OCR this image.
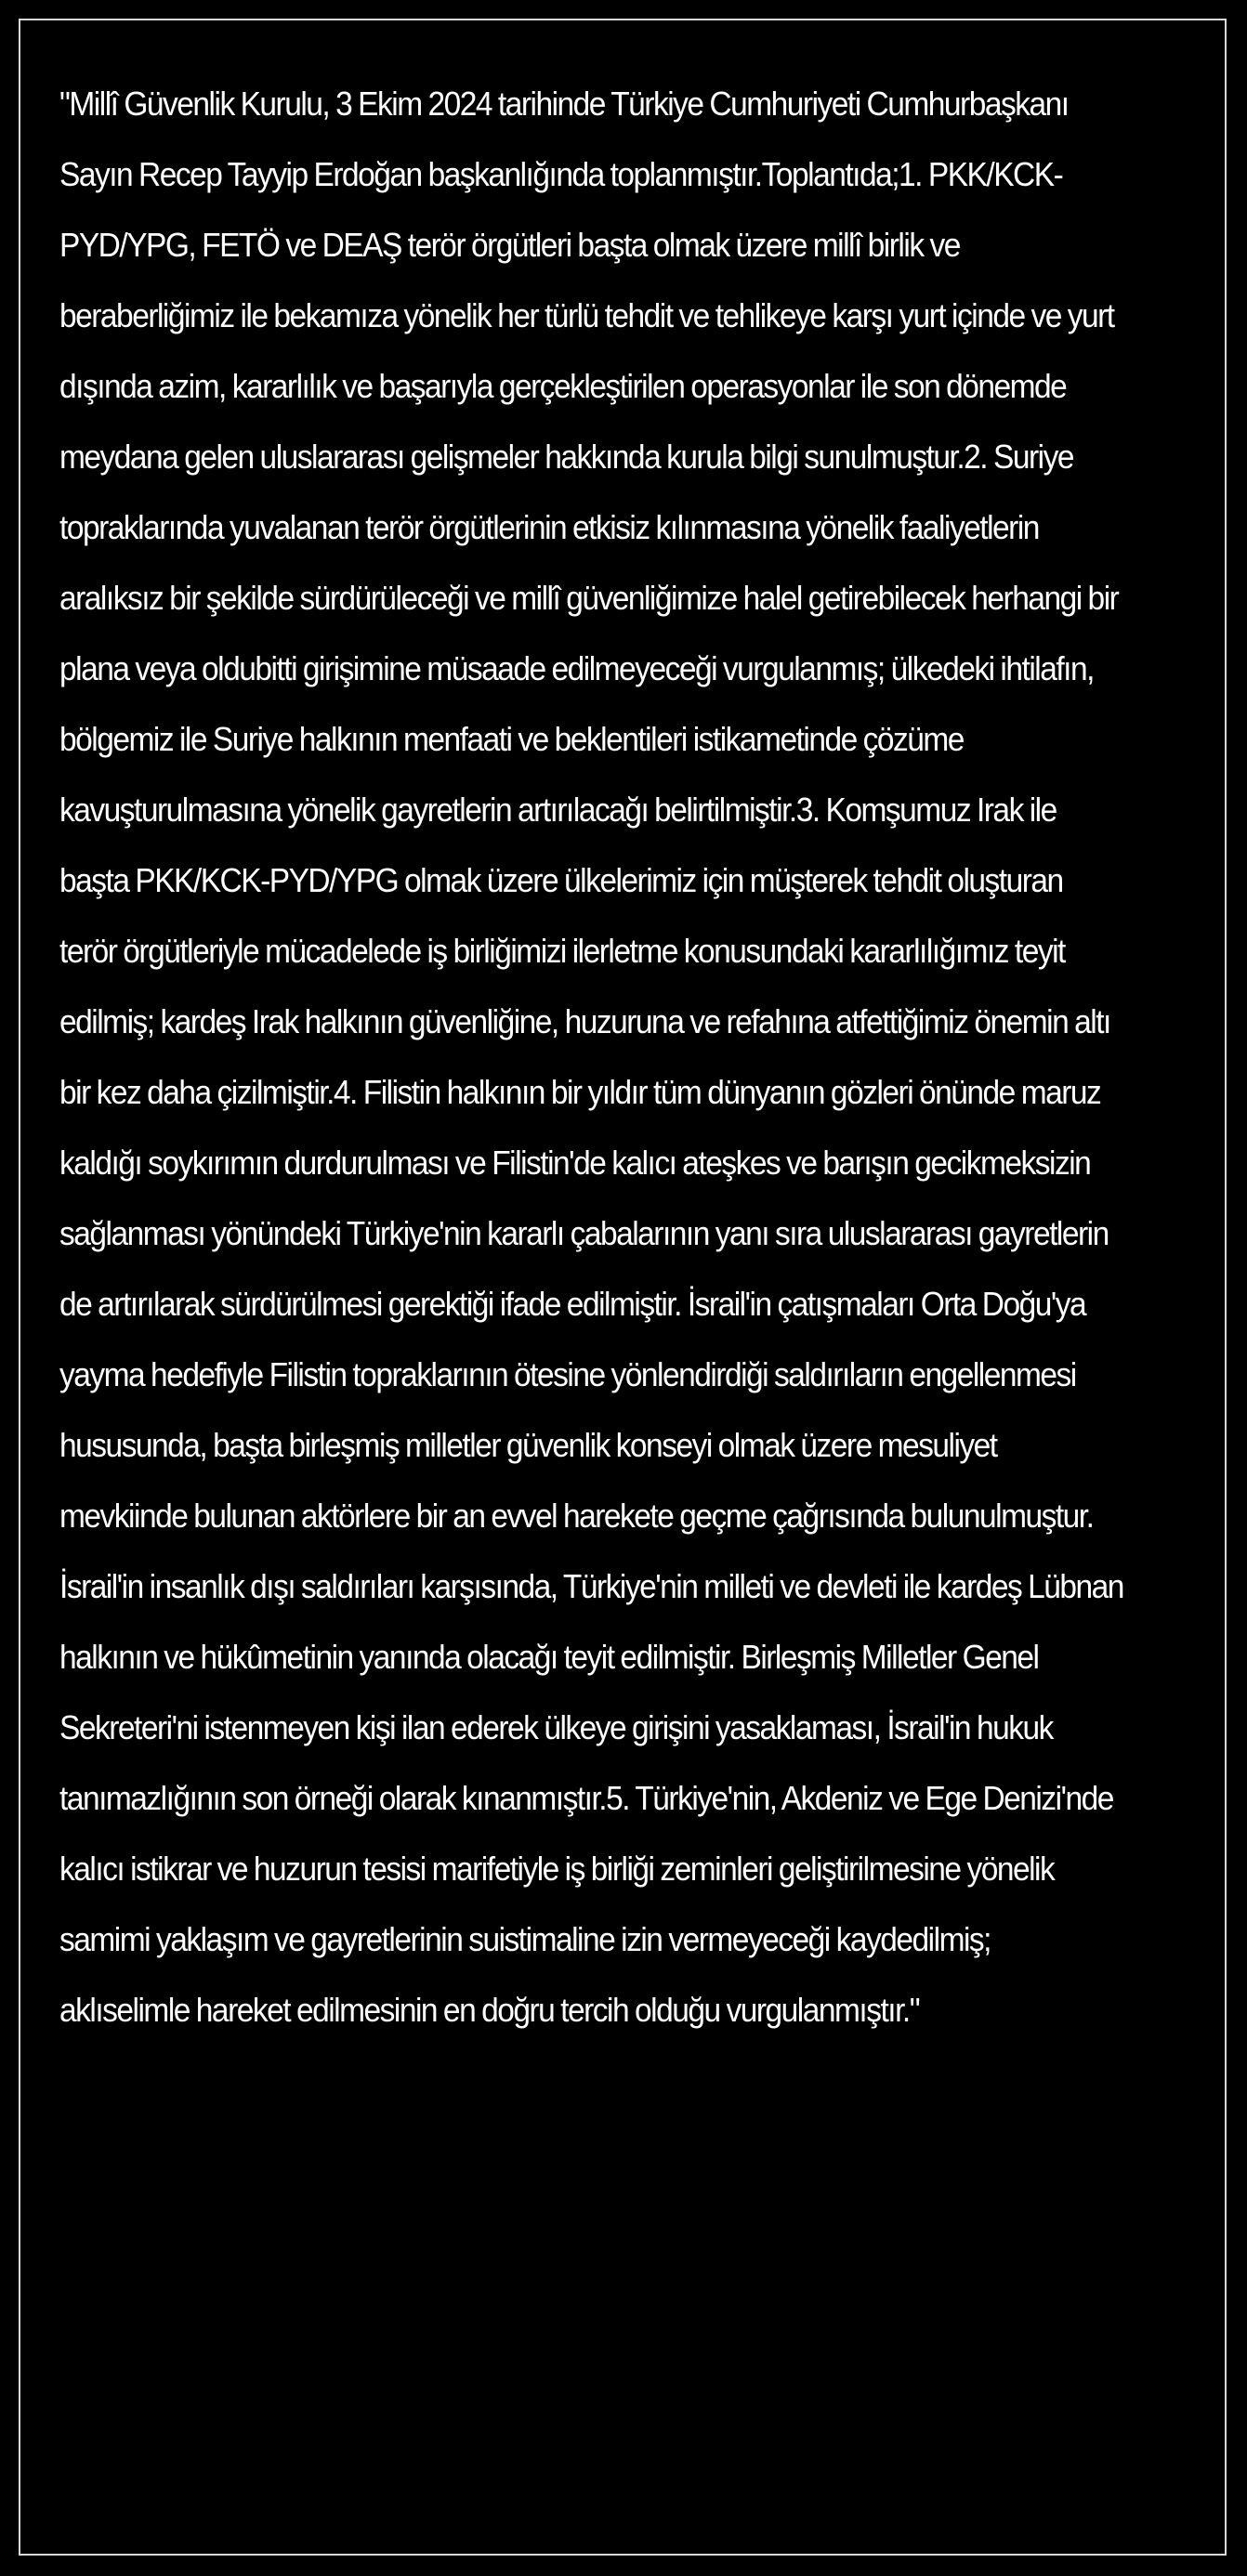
"Millî Güvenlik Kurulu, 3 Ekim 2024 tarihinde Türkiye Cumhuriyeti Cumhurbaşkanı Sayın Recep Tayyip Erdoğan başkanlığında toplanmıştır.Toplantıda;1. PKK/KCK-PYD/YPG, FETÖ ve DEAŞ terör örgütleri başta olmak üzere millî birlik ve beraberliğimiz ile bekamıza yönelik her türlü tehdit ve tehlikeye karşı yurt içinde ve yurt dışında azim, kararlılık ve başarıyla gerçekleştirilen operasyonlar ile son dönemde meydana gelen uluslararası gelişmeler hakkında kurula bilgi sunulmuştur.2. Suriye topraklarında yuvalanan terör örgütlerinin etkisiz kılınmasına yönelik faaliyetlerin aralıksız bir şekilde sürdürüleceği ve millî güvenliğimize halel getirebilecek herhangi bir plana veya oldubitti girişimine müsaade edilmeyeceği vurgulanmış; ülkedeki ihtilafın, bölgemiz ile Suriye halkının menfaati ve beklentileri istikametinde çözüme kavuşturulmasına yönelik gayretlerin artırılacağı belirtilmiştir.3. Komşumuz Irak ile başta PKK/KCK-PYD/YPG olmak üzere ülkelerimiz için müşterek tehdit oluşturan terör örgütleriyle mücadelede iş birliğimizi ilerletme konusundaki kararlılığımız teyit edilmiş; kardeş Irak halkının güvenliğine, huzuruna ve refahına atfettiğimiz önemin altı bir kez daha çizilmiştir.4. Filistin halkının bir yıldır tüm dünyanın gözleri önünde maruz kaldığı soykırımın durdurulması ve Filistin'de kalıcı ateşkes ve barışın gecikmeksizin sağlanması yönündeki Türkiye'nin kararlı çabalarının yanı sıra uluslararası gayretlerin de artırılarak sürdürülmesi gerektiği ifade edilmiştir. İsrail'in çatışmaları Orta Doğu'ya yayma hedefiyle Filistin topraklarının ötesine yönlendirdiği saldırıların engellenmesi hususunda, başta birleşmiş milletler güvenlik konseyi olmak üzere mesuliyet mevkiinde bulunan aktörlere bir an evvel harekete geçme çağrısında bulunulmuştur. İsrail'in insanlık dışı saldırıları karşısında, Türkiye'nin milleti ve devleti ile kardeş Lübnan halkının ve hükûmetinin yanında olacağı teyit edilmiştir. Birleşmiş Milletler Genel Sekreteri'ni istenmeyen kişi ilan ederek ülkeye girişini yasaklaması, İsrail'in hukuk tanımazlığının son örneği olarak kınanmıştır.5. Türkiye'nin, Akdeniz ve Ege Denizi'nde kalıcı istikrar ve huzurun tesisi marifetiyle iş birliği zeminleri geliştirilmesine yönelik samimi yaklaşım ve gayretlerinin suistimaline izin vermeyeceği kaydedilmiş; aklıselimle hareket edilmesinin en doğru tercih olduğu vurgulanmıştır."
